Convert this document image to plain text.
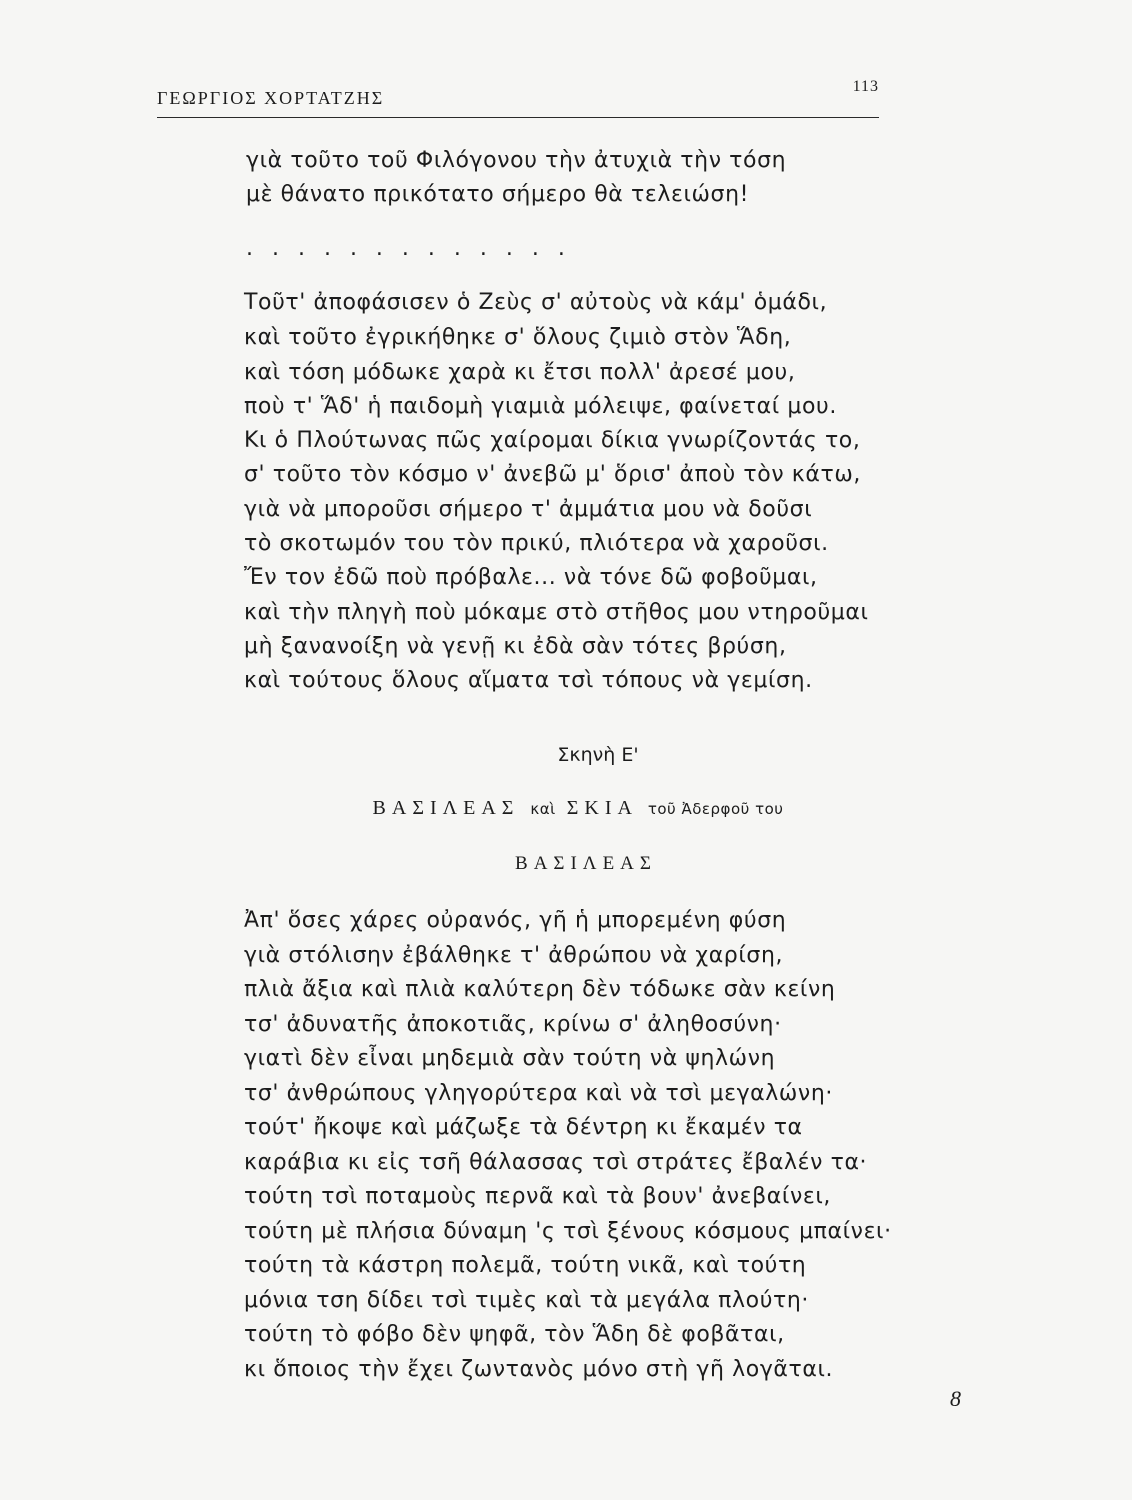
ΓΕΩΡΓΙΟΣ ΧΟΡΤΑΤΖΗΣ
113
γιὰ τοῦτο τοῦ Φιλόγονου τὴν ἀτυχιὰ τὴν τόση
μὲ θάνατο πρικότατο σήμερο θὰ τελειώση!
. . . . . . . . . . . . .
Τοῦτ' ἀποφάσισεν ὁ Ζεὺς σ' αὐτοὺς νὰ κάμ' ὁμάδι,
καὶ τοῦτο ἐγρικήθηκε σ' ὅλους ζιμιὸ στὸν Ἅδη,
καὶ τόση μόδωκε χαρὰ κι ἔτσι πολλ' ἀρεσέ μου,
ποὺ τ' Ἅδ' ἡ παιδομὴ γιαμιὰ μόλειψε, φαίνεταί μου.
Κι ὁ Πλούτωνας πῶς χαίρομαι δίκια γνωρίζοντάς το,
σ' τοῦτο τὸν κόσμο ν' ἀνεβῶ μ' ὅρισ' ἀποὺ τὸν κάτω,
γιὰ νὰ μποροῦσι σήμερο τ' ἀμμάτια μου νὰ δοῦσι
τὸ σκοτωμόν του τὸν πρικύ, πλιότερα νὰ χαροῦσι.
Ἔν τον ἐδῶ ποὺ πρόβαλε... νὰ τόνε δῶ φοβοῦμαι,
καὶ τὴν πληγὴ ποὺ μόκαμε στὸ στῆθος μου ντηροῦμαι
μὴ ξανανοίξη νὰ γενῇ κι ἐδὰ σὰν τότες βρύση,
καὶ τούτους ὅλους αἵματα τσὶ τόπους νὰ γεμίση.
Σκηνὴ Ε'
ΒΑΣΙΛΕΑΣ καὶ ΣΚΙΑ τοῦ Ἀδερφοῦ του
ΒΑΣΙΛΕΑΣ
Ἀπ' ὅσες χάρες οὐρανός, γῆ ἡ μπορεμένη φύση
γιὰ στόλισην ἐβάλθηκε τ' ἀθρώπου νὰ χαρίση,
πλιὰ ἄξια καὶ πλιὰ καλύτερη δὲν τόδωκε σὰν κείνη
τσ' ἀδυνατῆς ἀποκοτιᾶς, κρίνω σ' ἀληθοσύνη·
γιατὶ δὲν εἶναι μηδεμιὰ σὰν τούτη νὰ ψηλώνη
τσ' ἀνθρώπους γληγορύτερα καὶ νὰ τσὶ μεγαλώνη·
τούτ' ἤκοψε καὶ μάζωξε τὰ δέντρη κι ἔκαμέν τα
καράβια κι εἰς τσῆ θάλασσας τσὶ στράτες ἔβαλέν τα·
τούτη τσὶ ποταμοὺς περνᾶ καὶ τὰ βουν' ἀνεβαίνει,
τούτη μὲ πλήσια δύναμη 'ς τσὶ ξένους κόσμους μπαίνει·
τούτη τὰ κάστρη πολεμᾶ, τούτη νικᾶ, καὶ τούτη
μόνια τση δίδει τσὶ τιμὲς καὶ τὰ μεγάλα πλούτη·
τούτη τὸ φόβο δὲν ψηφᾶ, τὸν Ἅδη δὲ φοβᾶται,
κι ὅποιος τὴν ἔχει ζωντανὸς μόνο στὴ γῆ λογᾶται.
8
